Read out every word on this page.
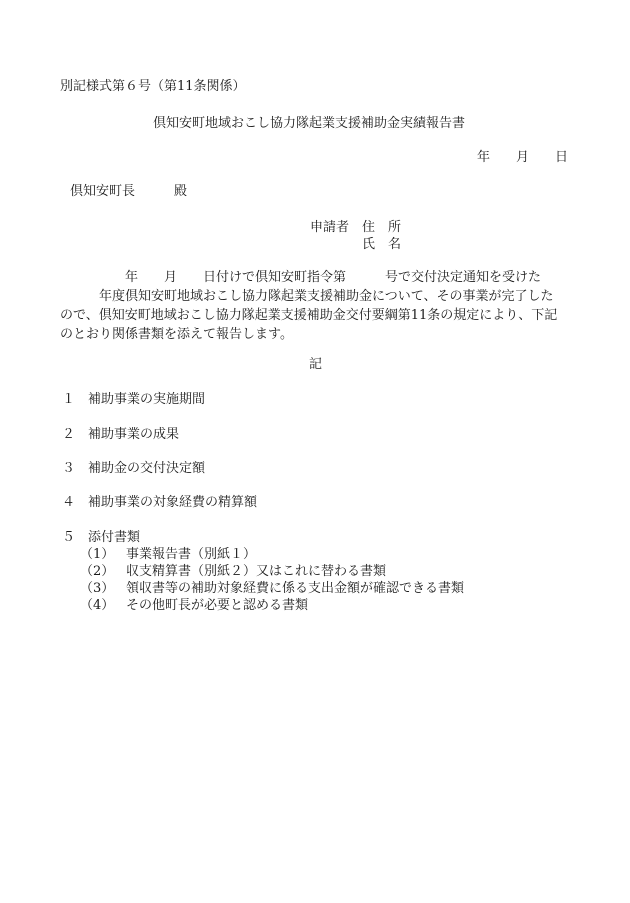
別記様式第６号（第11条関係）
倶知安町地域おこし協力隊起業支援補助金実績報告書
年　　月　　日
倶知安町長　　　殿
申請者 住　所
氏　名
　　　　　年　　月　　日付けで倶知安町指令第　　　号で交付決定通知を受けた
　　　年度倶知安町地域おこし協力隊起業支援補助金について、その事業が完了した
ので、倶知安町地域おこし協力隊起業支援補助金交付要綱第11条の規定により、下記
のとおり関係書類を添えて報告します。
記
１ 補助事業の実施期間
２ 補助事業の成果
３ 補助金の交付決定額
４ 補助事業の対象経費の精算額
５ 添付書類
（1） 事業報告書（別紙１）
（2） 収支精算書（別紙２）又はこれに替わる書類
（3） 領収書等の補助対象経費に係る支出金額が確認できる書類
（4） その他町長が必要と認める書類
